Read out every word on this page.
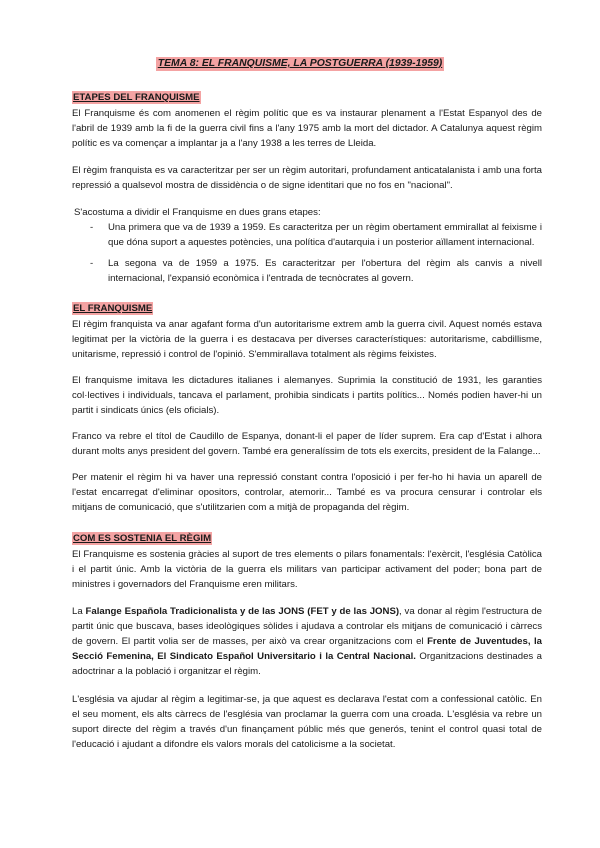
TEMA 8: EL FRANQUISME, LA POSTGUERRA (1939-1959)
ETAPES DEL FRANQUISME

El Franquisme és com anomenen el règim polític que es va instaurar plenament a l'Estat Espanyol des de l'abril de 1939 amb la fi de la guerra civil fins a l'any 1975 amb la mort del dictador. A Catalunya aquest règim polític es va començar a implantar ja a l'any 1938 a les terres de Lleida.

El règim franquista es va caracteritzar per ser un règim autoritari, profundament anticatalanista i amb una forta repressió a qualsevol mostra de dissidència o de signe identitari que no fos en "nacional".

S'acostuma a dividir el Franquisme en dues grans etapes:

- Una primera que va de 1939 a 1959. Es caracteritza per un règim obertament emmirallat al feixisme i que dóna suport a aquestes potències, una política d'autarquia i un posterior aïllament internacional.
- La segona va de 1959 a 1975. Es caracteritzar per l'obertura del règim als canvis a nivell internacional, l'expansió econòmica i l'entrada de tecnòcrates al govern.
EL FRANQUISME

El règim franquista va anar agafant forma d'un autoritarisme extrem amb la guerra civil. Aquest només estava legitimat per la victòria de la guerra i es destacava per diverses característiques: autoritarisme, cabdillisme, unitarisme, repressió i control de l'opinió. S'emmirallava totalment als règims feixistes.

El franquisme imitava les dictadures italianes i alemanyes. Suprimia la constitució de 1931, les garanties col·lectives i individuals, tancava el parlament, prohibia sindicats i partits polítics... Només podien haver-hi un partit i sindicats únics (els oficials).

Franco va rebre el títol de Caudillo de Espanya, donant-li el paper de líder suprem. Era cap d'Estat i alhora durant molts anys president del govern. També era generalíssim de tots els exercits, president de la Falange...

Per matenir el règim hi va haver una repressió constant contra l'oposició i per fer-ho hi havia un aparell de l'estat encarregat d'eliminar opositors, controlar, atemorir... També es va procura censurar i controlar els mitjans de comunicació, que s'utilitzarien com a mitjà de propaganda del règim.

COM ES SOSTENIA EL RÈGIM

El Franquisme es sostenia gràcies al suport de tres elements o pilars fonamentals: l'exèrcit, l'església Catòlica i el partit únic. Amb la victòria de la guerra els militars van participar activament del poder; bona part de ministres i governadors del Franquisme eren militars.

La Falange Española Tradicionalista y de las JONS (FET y de las JONS), va donar al règim l'estructura de partit únic que buscava, bases ideològiques sòlides i ajudava a controlar els mitjans de comunicació i càrrecs de govern. El partit volia ser de masses, per això va crear organitzacions com el Frente de Juventudes, la Secció Femenina, El Sindicato Español Universitario i la Central Nacional. Organitzacions destinades a adoctrinar a la població i organitzar el règim.

L'església va ajudar al règim a legitimar-se, ja que aquest es declarava l'estat com a confessional catòlic. En el seu moment, els alts càrrecs de l'església van proclamar la guerra com una croada. L'església va rebre un suport directe del règim a través d'un finançament públic més que generós, tenint el control quasi total de l'educació i ajudant a difondre els valors morals del catolicisme a la societat.
